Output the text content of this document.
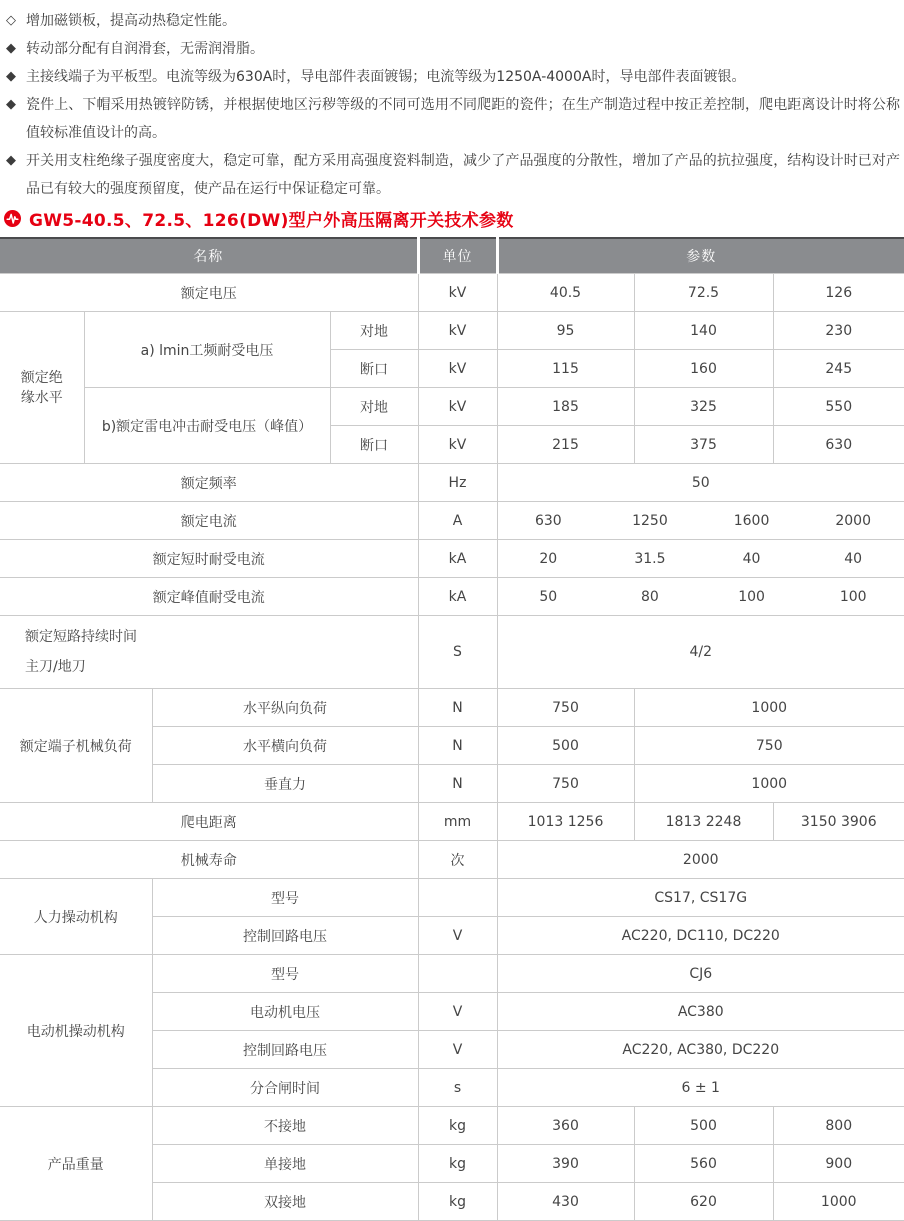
◇ 增加磁锁板，提高动热稳定性能。
◆ 转动部分配有自润滑套，无需润滑脂。
◆ 主接线端子为平板型。电流等级为630A时，导电部件表面镀锡；电流等级为1250A-4000A时，导电部件表面镀银。
◆ 瓷件上、下帽采用热镀锌防锈，并根据使地区污秽等级的不同可选用不同爬距的瓷件；在生产制造过程中按正差控制，爬电距离设计时将公称值较标准值设计的高。
◆ 开关用支柱绝缘子强度密度大，稳定可靠，配方采用高强度瓷料制造，减少了产品强度的分散性，增加了产品的抗拉强度，结构设计时已对产品已有较大的强度预留度，使产品在运行中保证稳定可靠。
GW5-40.5、72.5、126(DW)型户外高压隔离开关技术参数
名称				单位	参数		
额定电压				kV	40.5	72.5	126
额定绝缘水平	a) lmin工频耐受电压		对地	kV	95	140	230
			断口	kV	115	160	245
	b)额定雷电冲击耐受电压（峰值）		对地	kV	185	325	550
			断口	kV	215	375	630
额定频率				Hz	50		
额定电流				A	630 1250 1600 2000		

额定短时耐受电流				kA	20 31.5 40 40		

额定峰值耐受电流				kA	50 80 100 100		

额定短路持续时间
主刀/地刀				S	4/2		
额定端子机械负荷		水平纵向负荷		N	750	1000	
		水平横向负荷		N	500	750	
		垂直力		N	750	1000	
爬电距离				mm	1013 1256	1813 2248	3150 3906
机械寿命				次	2000		
人力操动机构		型号			CS17, CS17G		
		控制回路电压		V	AC220, DC110, DC220		
电动机操动机构		型号			CJ6		
		电动机电压		V	AC380		
		控制回路电压		V	AC220, AC380, DC220		
		分合闸时间		s	6 ± 1		
产品重量		不接地		kg	360	500	800
		单接地		kg	390	560	900
		双接地		kg	430	620	1000
